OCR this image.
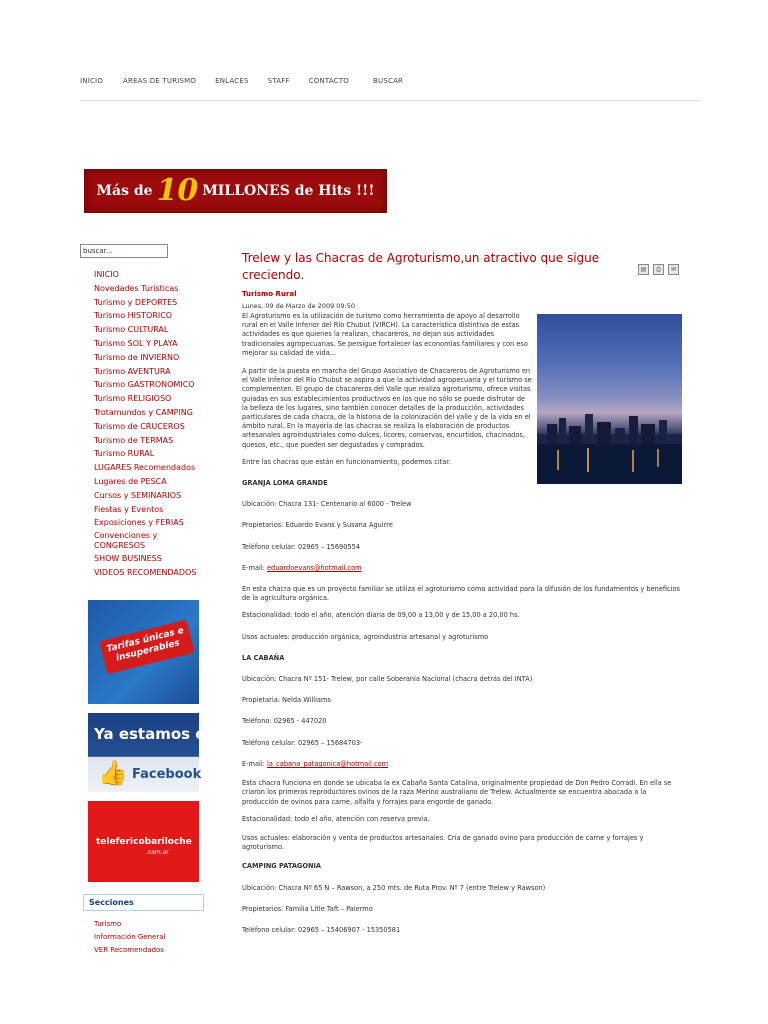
INICIO	AREAS DE TURISMO	ENLACES	STAFF	CONTACTO	BUSCAR
Más de 10 MILLONES de Hits !!!
buscar...
INICIO
Novedades Turísticas
Turismo y DEPORTES
Turismo HISTORICO
Turismo CULTURAL
Turismo SOL Y PLAYA
Turismo de INVIERNO
Turismo AVENTURA
Turismo GASTRONOMICO
Turismo RELIGIOSO
Trotamundos y CAMPING
Turismo de CRUCEROS
Turismo de TERMAS
Turismo RURAL
LUGARES Recomendados
Lugares de PESCA
Cursos y SEMINARIOS
Fiestas y Eventos
Exposiciones y FERIAS
Convenciones y CONGRESOS
SHOW BUSINESS
VIDEOS RECOMENDADOS
Tarifas únicas e insuperables
Ya estamos en
👍 Facebook
telefericobariloche
.com.ar
Secciones
Turismo
Información General
VER Recomendados
Trelew y las Chacras de Agroturismo,un atractivo que sigue creciendo.	▤	⎙	✉
Turismo Rural
Lunes, 09 de Marzo de 2009 09:50

El Agroturismo es la utilización de turismo como herramienta de apoyo al desarrollo rural en el Valle Inferior del Río Chubut (VIRCH). La característica distintiva de estas actividades es que quienes la realizan, chacareros, no dejan sus actividades tradicionales agropecuarias. Se persigue fortalecer las economías familiares y con eso mejorar su calidad de vida...

A partir de la puesta en marcha del Grupo Asociativo de Chacareros de Agroturismo en el Valle Inferior del Río Chubut se aspira a que la actividad agropecuaria y el turismo se complementen. El grupo de chacareros del Valle que realiza agroturismo, ofrece visitas guiadas en sus establecimientos productivos en los que no sólo se puede disfrutar de la belleza de los lugares, sino también conocer detalles de la producción, actividades particulares de cada chacra, de la historia de la colonización del valle y de la vida en el ámbito rural. En la mayoría de las chacras se realiza la elaboración de productos artesanales agroindustriales como dulces, licores, conservas, encurtidos, chacinados, quesos, etc., que pueden ser degustados y comprados.

Entre las chacras que están en funcionamiento, podemos citar:

GRANJA LOMA GRANDE

Ubicación: Chacra 131- Centenario al 6000 - Trelew

Propietarios: Eduardo Evans y Susana Aguirre

Teléfono celular: 02965 – 15690554

E-mail: eduardoevans@hotmail.com

En esta chacra que es un proyecto familiar se utiliza el agroturismo como actividad para la difusión de los fundamentos y beneficios de la agricultura orgánica.

Estacionalidad: todo el año, atención diaria de 09,00 a 13,00 y de 15,00 a 20,00 hs.

Usos actuales: producción orgánica, agroindustria artesanal y agroturismo

LA CABAÑA

Ubicación: Chacra Nº 151- Trelew, por calle Soberanía Nacional (chacra detrás del INTA)

Propietaria: Nelda Williams

Teléfono: 02965 - 447020

Teléfono celular: 02965 – 15684703-

E-mail: la_cabana_patagonica@hotmail.com

Esta chacra funciona en donde se ubicaba la ex Cabaña Santa Catalina, originalmente propiedad de Don Pedro Corradi. En ella se criaron los primeros reproductores ovinos de la raza Merino australiano de Trelew. Actualmente se encuentra abocada a la producción de ovinos para carne, alfalfa y forrajes para engorde de ganado.

Estacionalidad: todo el año, atención con reserva previa.

Usos actuales: elaboración y venta de productos artesanales. Cría de ganado ovino para producción de carne y forrajes y agroturismo.

CAMPING PATAGONIA

Ubicación: Chacra Nº 65 N – Rawson, a 250 mts. de Ruta Prov. Nº 7 (entre Trelew y Rawson)

Propietarios: Familia Litle Taft – Palermo

Teléfono celular: 02965 – 15406907 - 15350581
